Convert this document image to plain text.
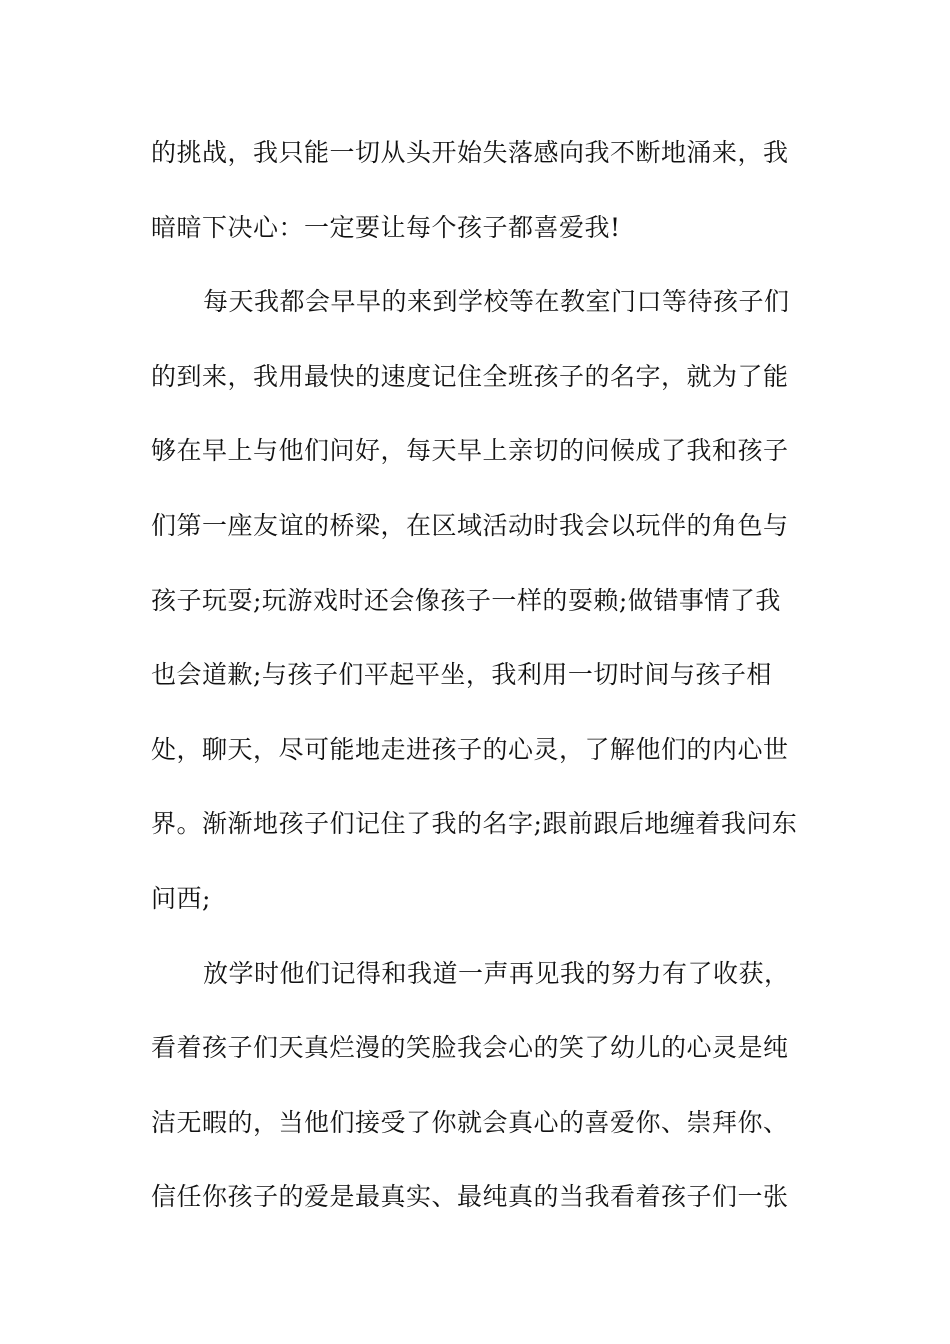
的挑战，我只能一切从头开始失落感向我不断地涌来，我
暗暗下决心：一定要让每个孩子都喜爱我!
每天我都会早早的来到学校等在教室门口等待孩子们
的到来，我用最快的速度记住全班孩子的名字，就为了能
够在早上与他们问好，每天早上亲切的问候成了我和孩子
们第一座友谊的桥梁，在区域活动时我会以玩伴的角色与
孩子玩耍;玩游戏时还会像孩子一样的耍赖;做错事情了我
也会道歉;与孩子们平起平坐，我利用一切时间与孩子相
处，聊天，尽可能地走进孩子的心灵，了解他们的内心世
界。渐渐地孩子们记住了我的名字;跟前跟后地缠着我问东
问西;
放学时他们记得和我道一声再见我的努力有了收获，
看着孩子们天真烂漫的笑脸我会心的笑了幼儿的心灵是纯
洁无暇的，当他们接受了你就会真心的喜爱你、崇拜你、
信任你孩子的爱是最真实、最纯真的当我看着孩子们一张
